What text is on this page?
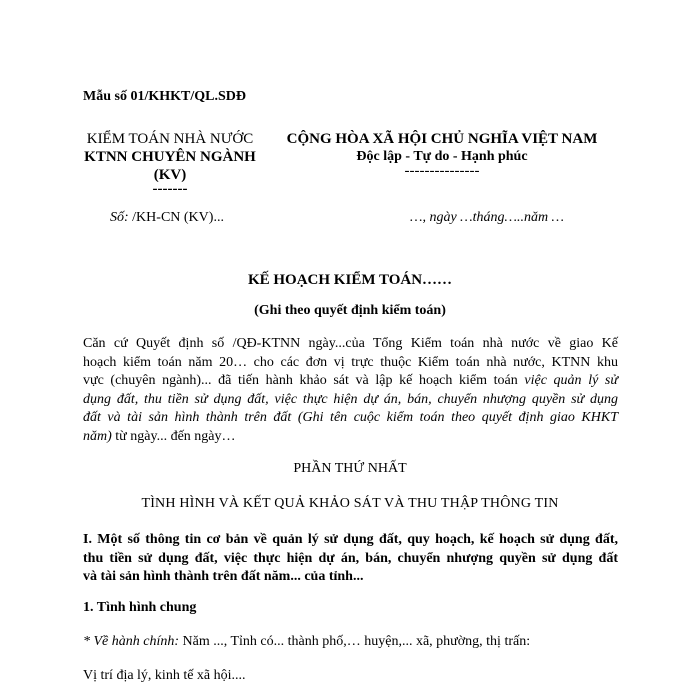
Mẫu số 01/KHKT/QL.SDĐ
KIỂM TOÁN NHÀ NƯỚC
KTNN CHUYÊN NGÀNH
(KV)
-------
CỘNG HÒA XÃ HỘI CHỦ NGHĨA VIỆT NAM
Độc lập - Tự do - Hạnh phúc
---------------
Số: /KH-CN (KV)...	…, ngày …tháng…..năm …
KẾ HOẠCH KIỂM TOÁN……
(Ghi theo quyết định kiểm toán)
Căn cứ Quyết định số /QĐ-KTNN ngày...của Tổng Kiểm toán nhà nước về giao Kế
hoạch kiểm toán năm 20… cho các đơn vị trực thuộc Kiểm toán nhà nước, KTNN khu
vực (chuyên ngành)... đã tiến hành khảo sát và lập kế hoạch kiểm toán việc quản lý sử
dụng đất, thu tiền sử dụng đất, việc thực hiện dự án, bán, chuyển nhượng quyền sử dụng
đất và tài sản hình thành trên đất (Ghi tên cuộc kiểm toán theo quyết định giao KHKT
năm) từ ngày... đến ngày…
PHẦN THỨ NHẤT
TÌNH HÌNH VÀ KẾT QUẢ KHẢO SÁT VÀ THU THẬP THÔNG TIN
I. Một số thông tin cơ bản về quản lý sử dụng đất, quy hoạch, kế hoạch sử dụng đất,
thu tiền sử dụng đất, việc thực hiện dự án, bán, chuyển nhượng quyền sử dụng đất
và tài sản hình thành trên đất năm... của tỉnh...
1. Tình hình chung
* Về hành chính: Năm ..., Tỉnh có... thành phố,… huyện,... xã, phường, thị trấn:
Vị trí địa lý, kinh tế xã hội....
